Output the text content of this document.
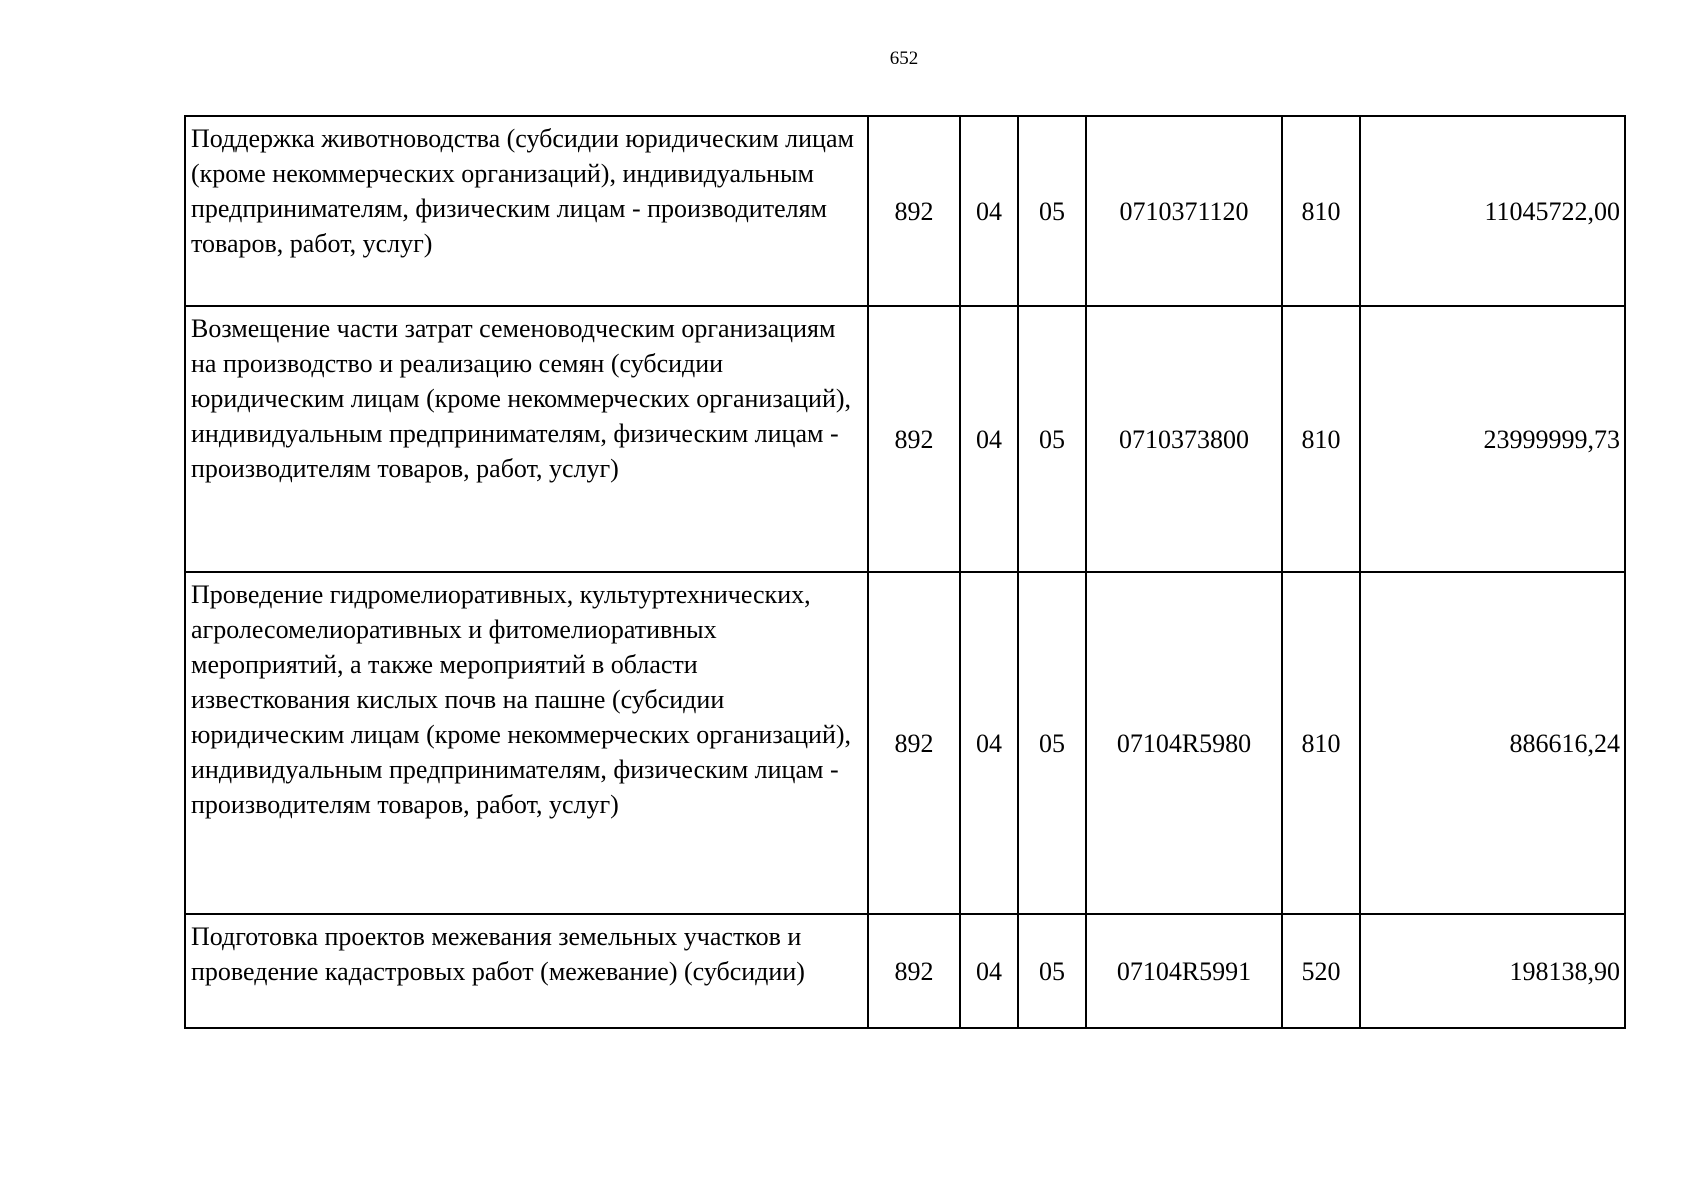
652
Поддержка животноводства (субсидии юридическим лицам (кроме некоммерческих организаций), индивидуальным предпринимателям, физическим лицам - производителям товаров, работ, услуг)	892	04	05	0710371120	810	11045722,00
Возмещение части затрат семеноводческим организациям на производство и реализацию семян (субсидии юридическим лицам (кроме некоммерческих организаций), индивидуальным предпринимателям, физическим лицам - производителям товаров, работ, услуг)	892	04	05	0710373800	810	23999999,73
Проведение гидромелиоративных, культуртехнических, агролесомелиоративных и фитомелиоративных мероприятий, а также мероприятий в области известкования кислых почв на пашне (субсидии юридическим лицам (кроме некоммерческих организаций), индивидуальным предпринимателям, физическим лицам - производителям товаров, работ, услуг)	892	04	05	07104R5980	810	886616,24
Подготовка проектов межевания земельных участков и проведение кадастровых работ (межевание) (субсидии)	892	04	05	07104R5991	520	198138,90
